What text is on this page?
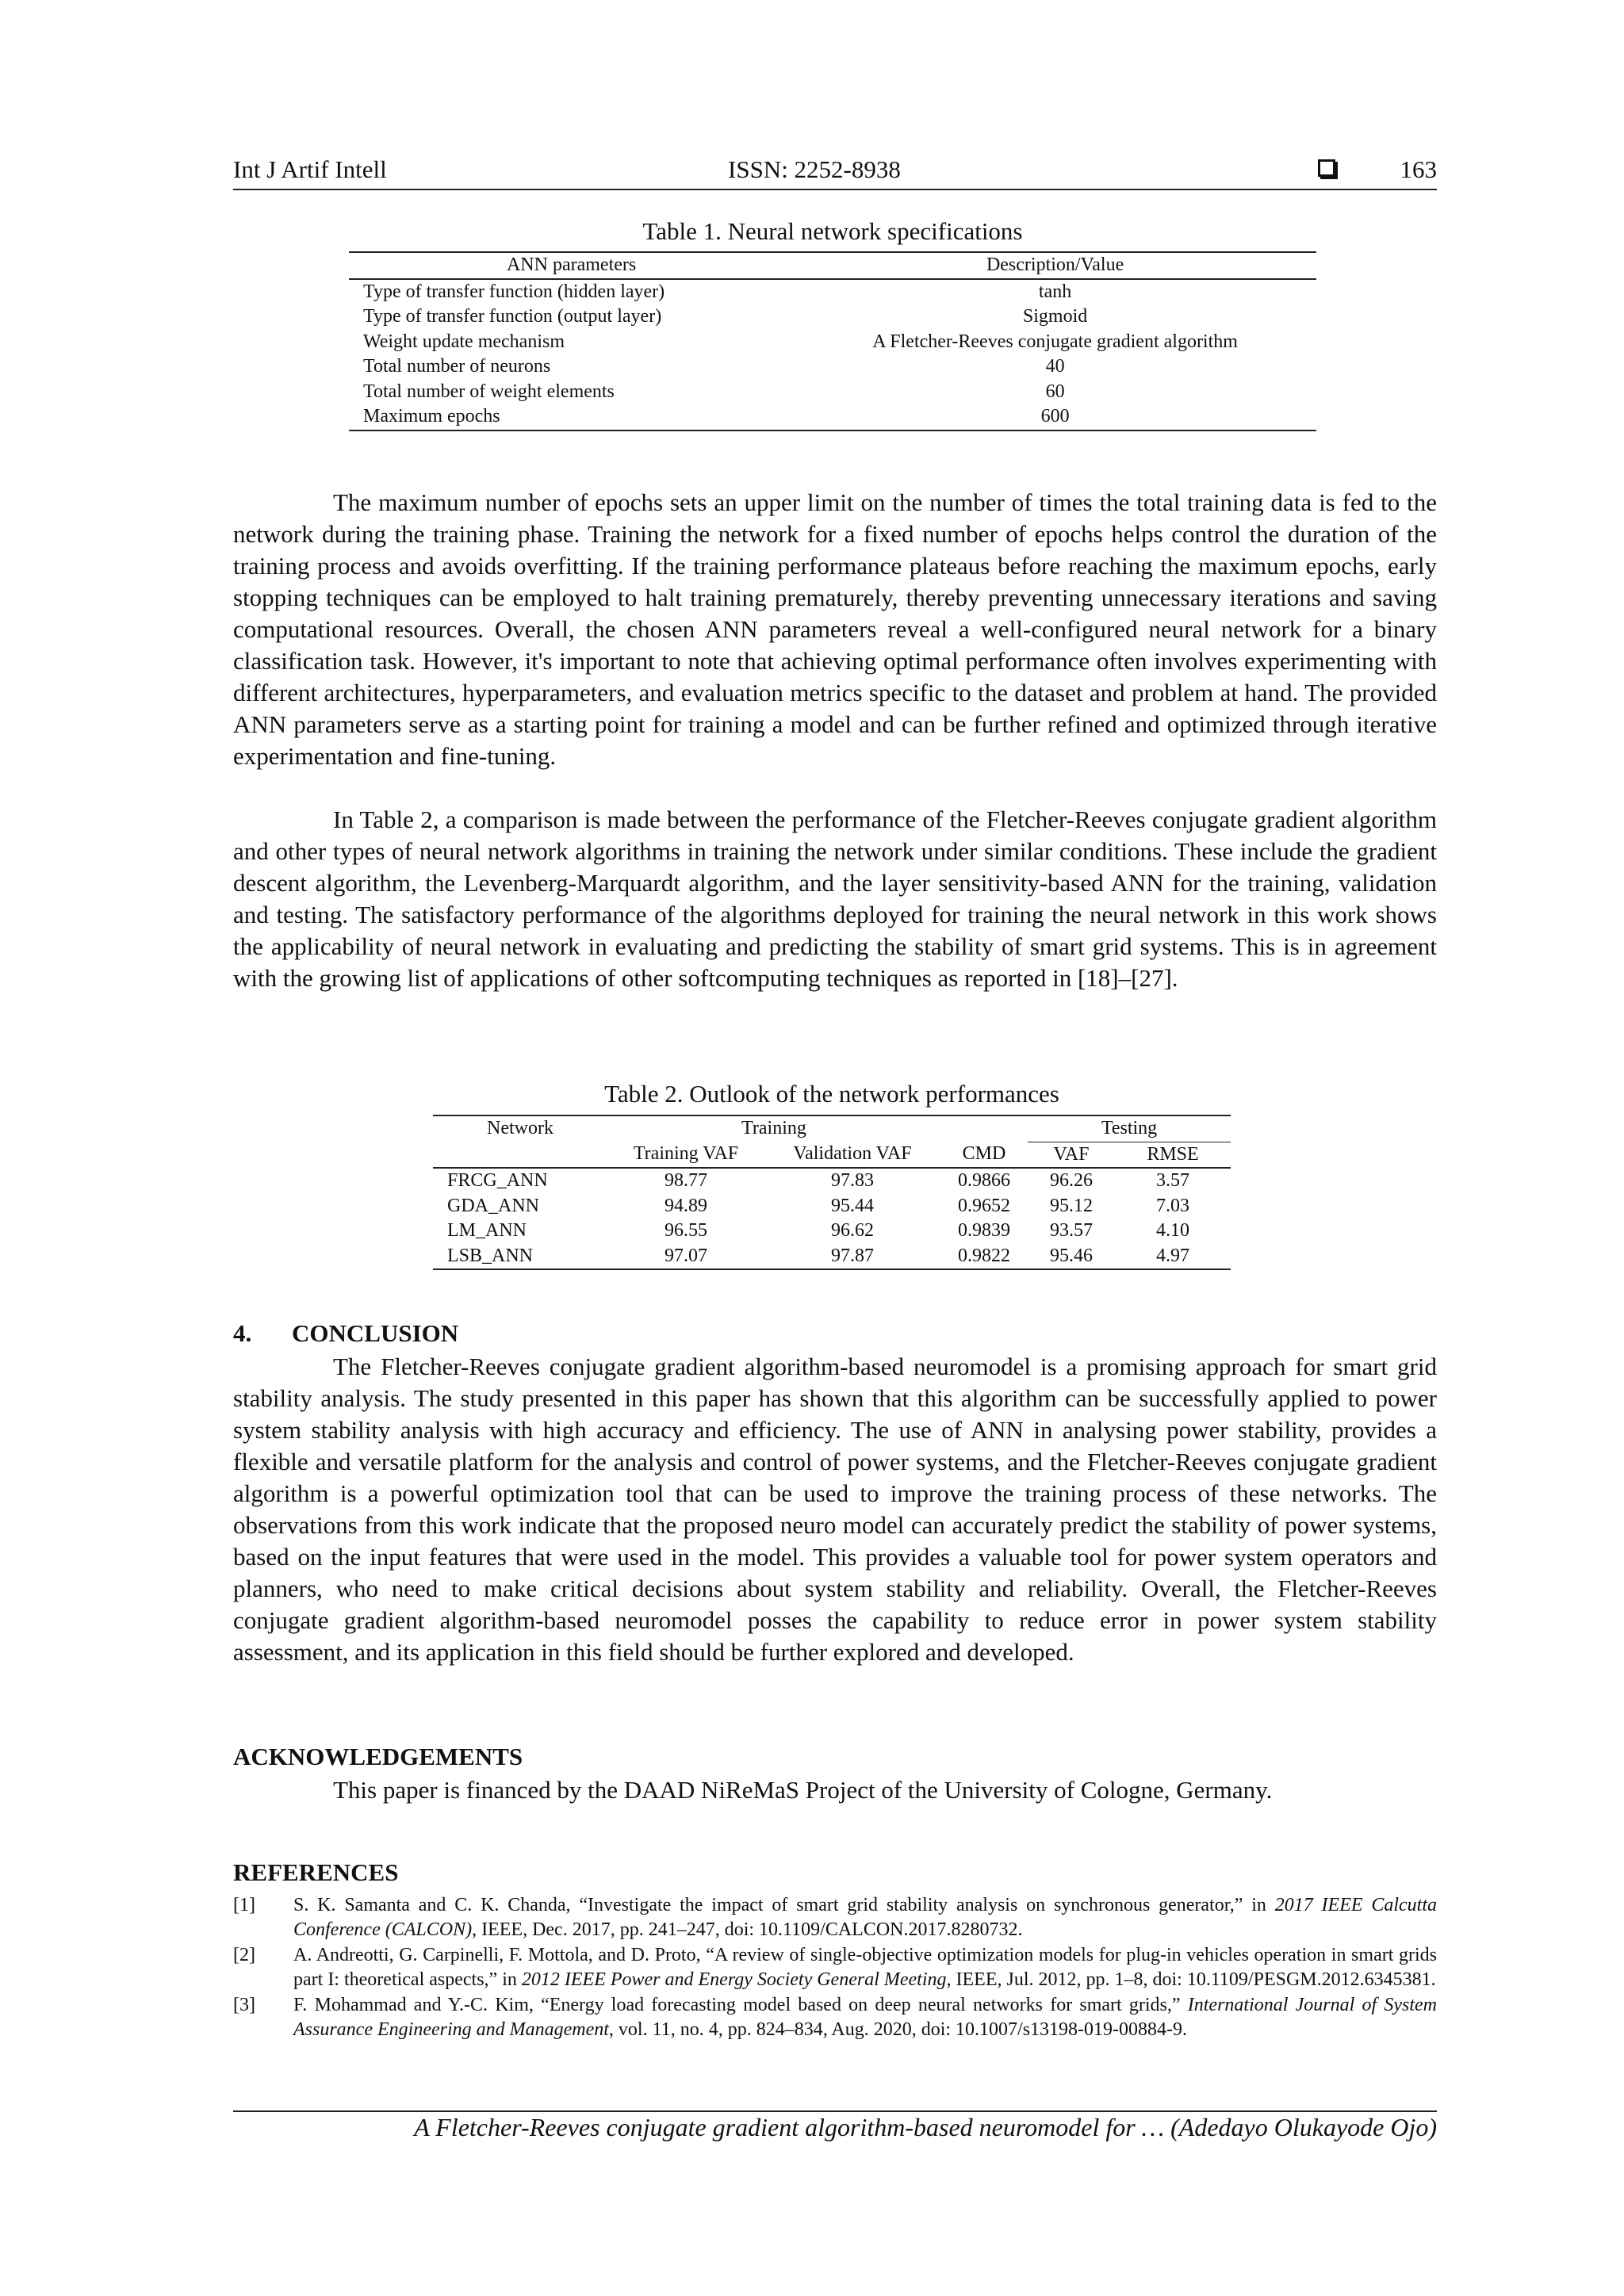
Int J Artif Intell	ISSN: 2252-8938	163
Table 1. Neural network specifications
ANN parameters	Description/Value
Type of transfer function (hidden layer)	tanh
Type of transfer function (output layer)	Sigmoid
Weight update mechanism	A Fletcher-Reeves conjugate gradient algorithm
Total number of neurons	40
Total number of weight elements	60
Maximum epochs	600

The maximum number of epochs sets an upper limit on the number of times the total training data is fed to the network during the training phase. Training the network for a fixed number of epochs helps control the duration of the training process and avoids overfitting. If the training performance plateaus before reaching the maximum epochs, early stopping techniques can be employed to halt training prematurely, thereby preventing unnecessary iterations and saving computational resources. Overall, the chosen ANN parameters reveal a well-configured neural network for a binary classification task. However, it's important to note that achieving optimal performance often involves experimenting with different architectures, hyperparameters, and evaluation metrics specific to the dataset and problem at hand. The provided ANN parameters serve as a starting point for training a model and can be further refined and optimized through iterative experimentation and fine-tuning.

In Table 2, a comparison is made between the performance of the Fletcher-Reeves conjugate gradient algorithm and other types of neural network algorithms in training the network under similar conditions. These include the gradient descent algorithm, the Levenberg-Marquardt algorithm, and the layer sensitivity-based ANN for the training, validation and testing. The satisfactory performance of the algorithms deployed for training the neural network in this work shows the applicability of neural network in evaluating and predicting the stability of smart grid systems. This is in agreement with the growing list of applications of other softcomputing techniques as reported in [18]–[27].

Table 2. Outlook of the network performances
Network	Training			Testing	
	Training VAF	Validation VAF	CMD	VAF	RMSE
FRCG_ANN	98.77	97.83	0.9866	96.26	3.57
GDA_ANN	94.89	95.44	0.9652	95.12	7.03
LM_ANN	96.55	96.62	0.9839	93.57	4.10
LSB_ANN	97.07	97.87	0.9822	95.46	4.97
4. CONCLUSION

The Fletcher-Reeves conjugate gradient algorithm-based neuromodel is a promising approach for smart grid stability analysis. The study presented in this paper has shown that this algorithm can be successfully applied to power system stability analysis with high accuracy and efficiency. The use of ANN in analysing power stability, provides a flexible and versatile platform for the analysis and control of power systems, and the Fletcher-Reeves conjugate gradient algorithm is a powerful optimization tool that can be used to improve the training process of these networks. The observations from this work indicate that the proposed neuro model can accurately predict the stability of power systems, based on the input features that were used in the model. This provides a valuable tool for power system operators and planners, who need to make critical decisions about system stability and reliability. Overall, the Fletcher-Reeves conjugate gradient algorithm-based neuromodel posses the capability to reduce error in power system stability assessment, and its application in this field should be further explored and developed.

ACKNOWLEDGEMENTS

This paper is financed by the DAAD NiReMaS Project of the University of Cologne, Germany.

REFERENCES
[1] S. K. Samanta and C. K. Chanda, “Investigate the impact of smart grid stability analysis on synchronous generator,” in 2017 IEEE Calcutta Conference (CALCON), IEEE, Dec. 2017, pp. 241–247, doi: 10.1109/CALCON.2017.8280732.
[2] A. Andreotti, G. Carpinelli, F. Mottola, and D. Proto, “A review of single-objective optimization models for plug-in vehicles operation in smart grids part I: theoretical aspects,” in 2012 IEEE Power and Energy Society General Meeting, IEEE, Jul. 2012, pp. 1–8, doi: 10.1109/PESGM.2012.6345381.
[3] F. Mohammad and Y.-C. Kim, “Energy load forecasting model based on deep neural networks for smart grids,” International Journal of System Assurance Engineering and Management, vol. 11, no. 4, pp. 824–834, Aug. 2020, doi: 10.1007/s13198-019-00884-9.
A Fletcher-Reeves conjugate gradient algorithm-based neuromodel for … (Adedayo Olukayode Ojo)
